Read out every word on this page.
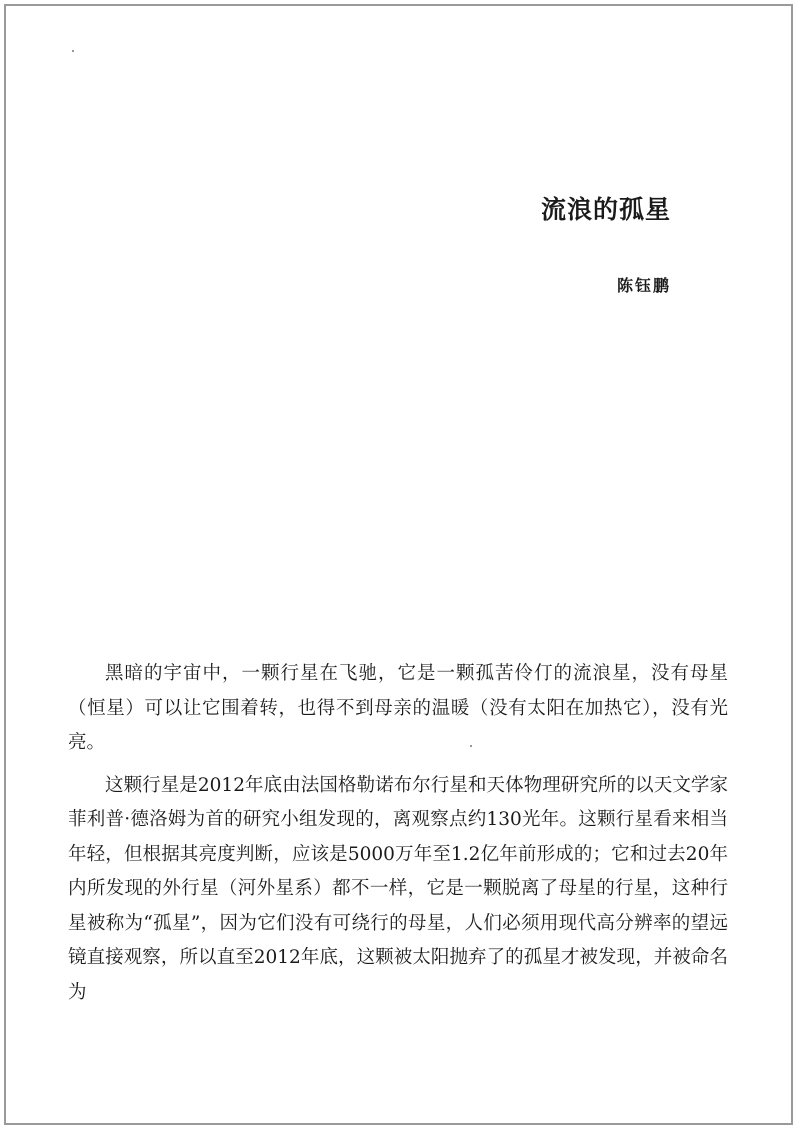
流浪的孤星
陈钰鹏

黑暗的宇宙中，一颗行星在飞驰，它是一颗孤苦伶仃的流浪星，没有母星（恒星）可以让它围着转，也得不到母亲的温暖（没有太阳在加热它），没有光亮。

这颗行星是2012年底由法国格勒诺布尔行星和天体物理研究所的以天文学家菲利普·德洛姆为首的研究小组发现的，离观察点约130光年。这颗行星看来相当年轻，但根据其亮度判断，应该是5000万年至1.2亿年前形成的；它和过去20年内所发现的外行星（河外星系）都不一样，它是一颗脱离了母星的行星，这种行星被称为“孤星”，因为它们没有可绕行的母星，人们必须用现代高分辨率的望远镜直接观察，所以直至2012年底，这颗被太阳抛弃了的孤星才被发现，并被命名为
